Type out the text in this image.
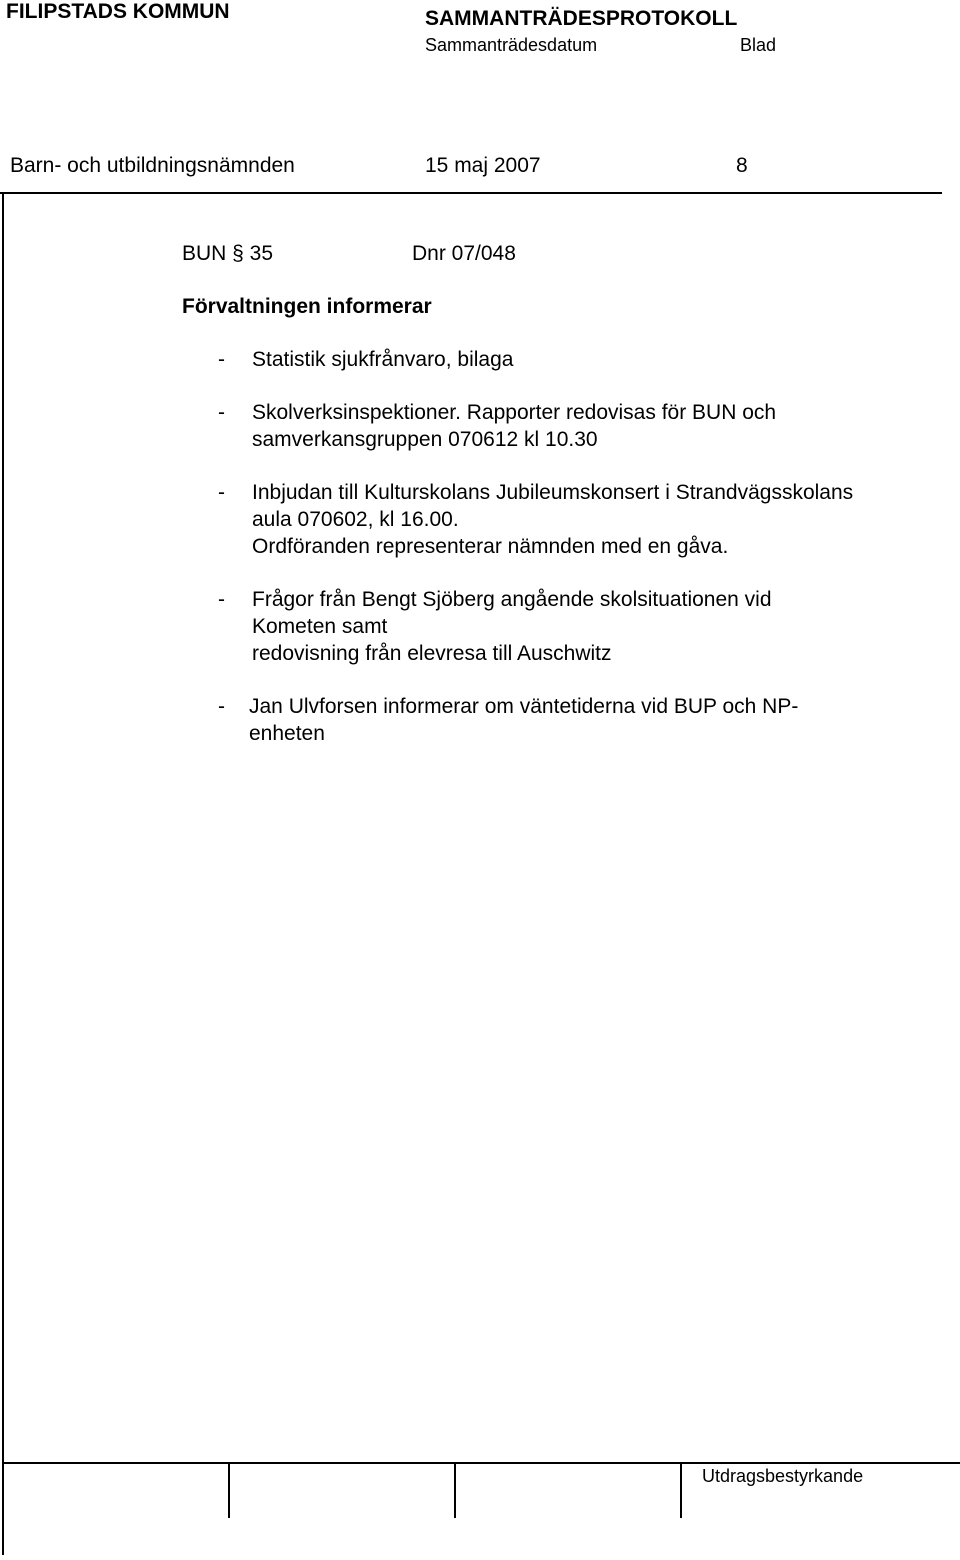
FILIPSTADS KOMMUN	SAMMANTRÄDESPROTOKOLL
Sammanträdesdatum	Blad
Barn- och utbildningsnämnden	15 maj 2007	8
BUN § 35	Dnr 07/048
Förvaltningen informerar
- Statistik sjukfrånvaro, bilaga
- Skolverksinspektioner. Rapporter redovisas för BUN och
samverkansgruppen 070612 kl 10.30
- Inbjudan till Kulturskolans Jubileumskonsert i Strandvägsskolans
aula 070602, kl 16.00.
Ordföranden representerar nämnden med en gåva.
- Frågor från Bengt Sjöberg angående skolsituationen vid
Kometen samt
redovisning från elevresa till Auschwitz
- Jan Ulvforsen informerar om väntetiderna vid BUP och NP-
enheten
Utdragsbestyrkande
